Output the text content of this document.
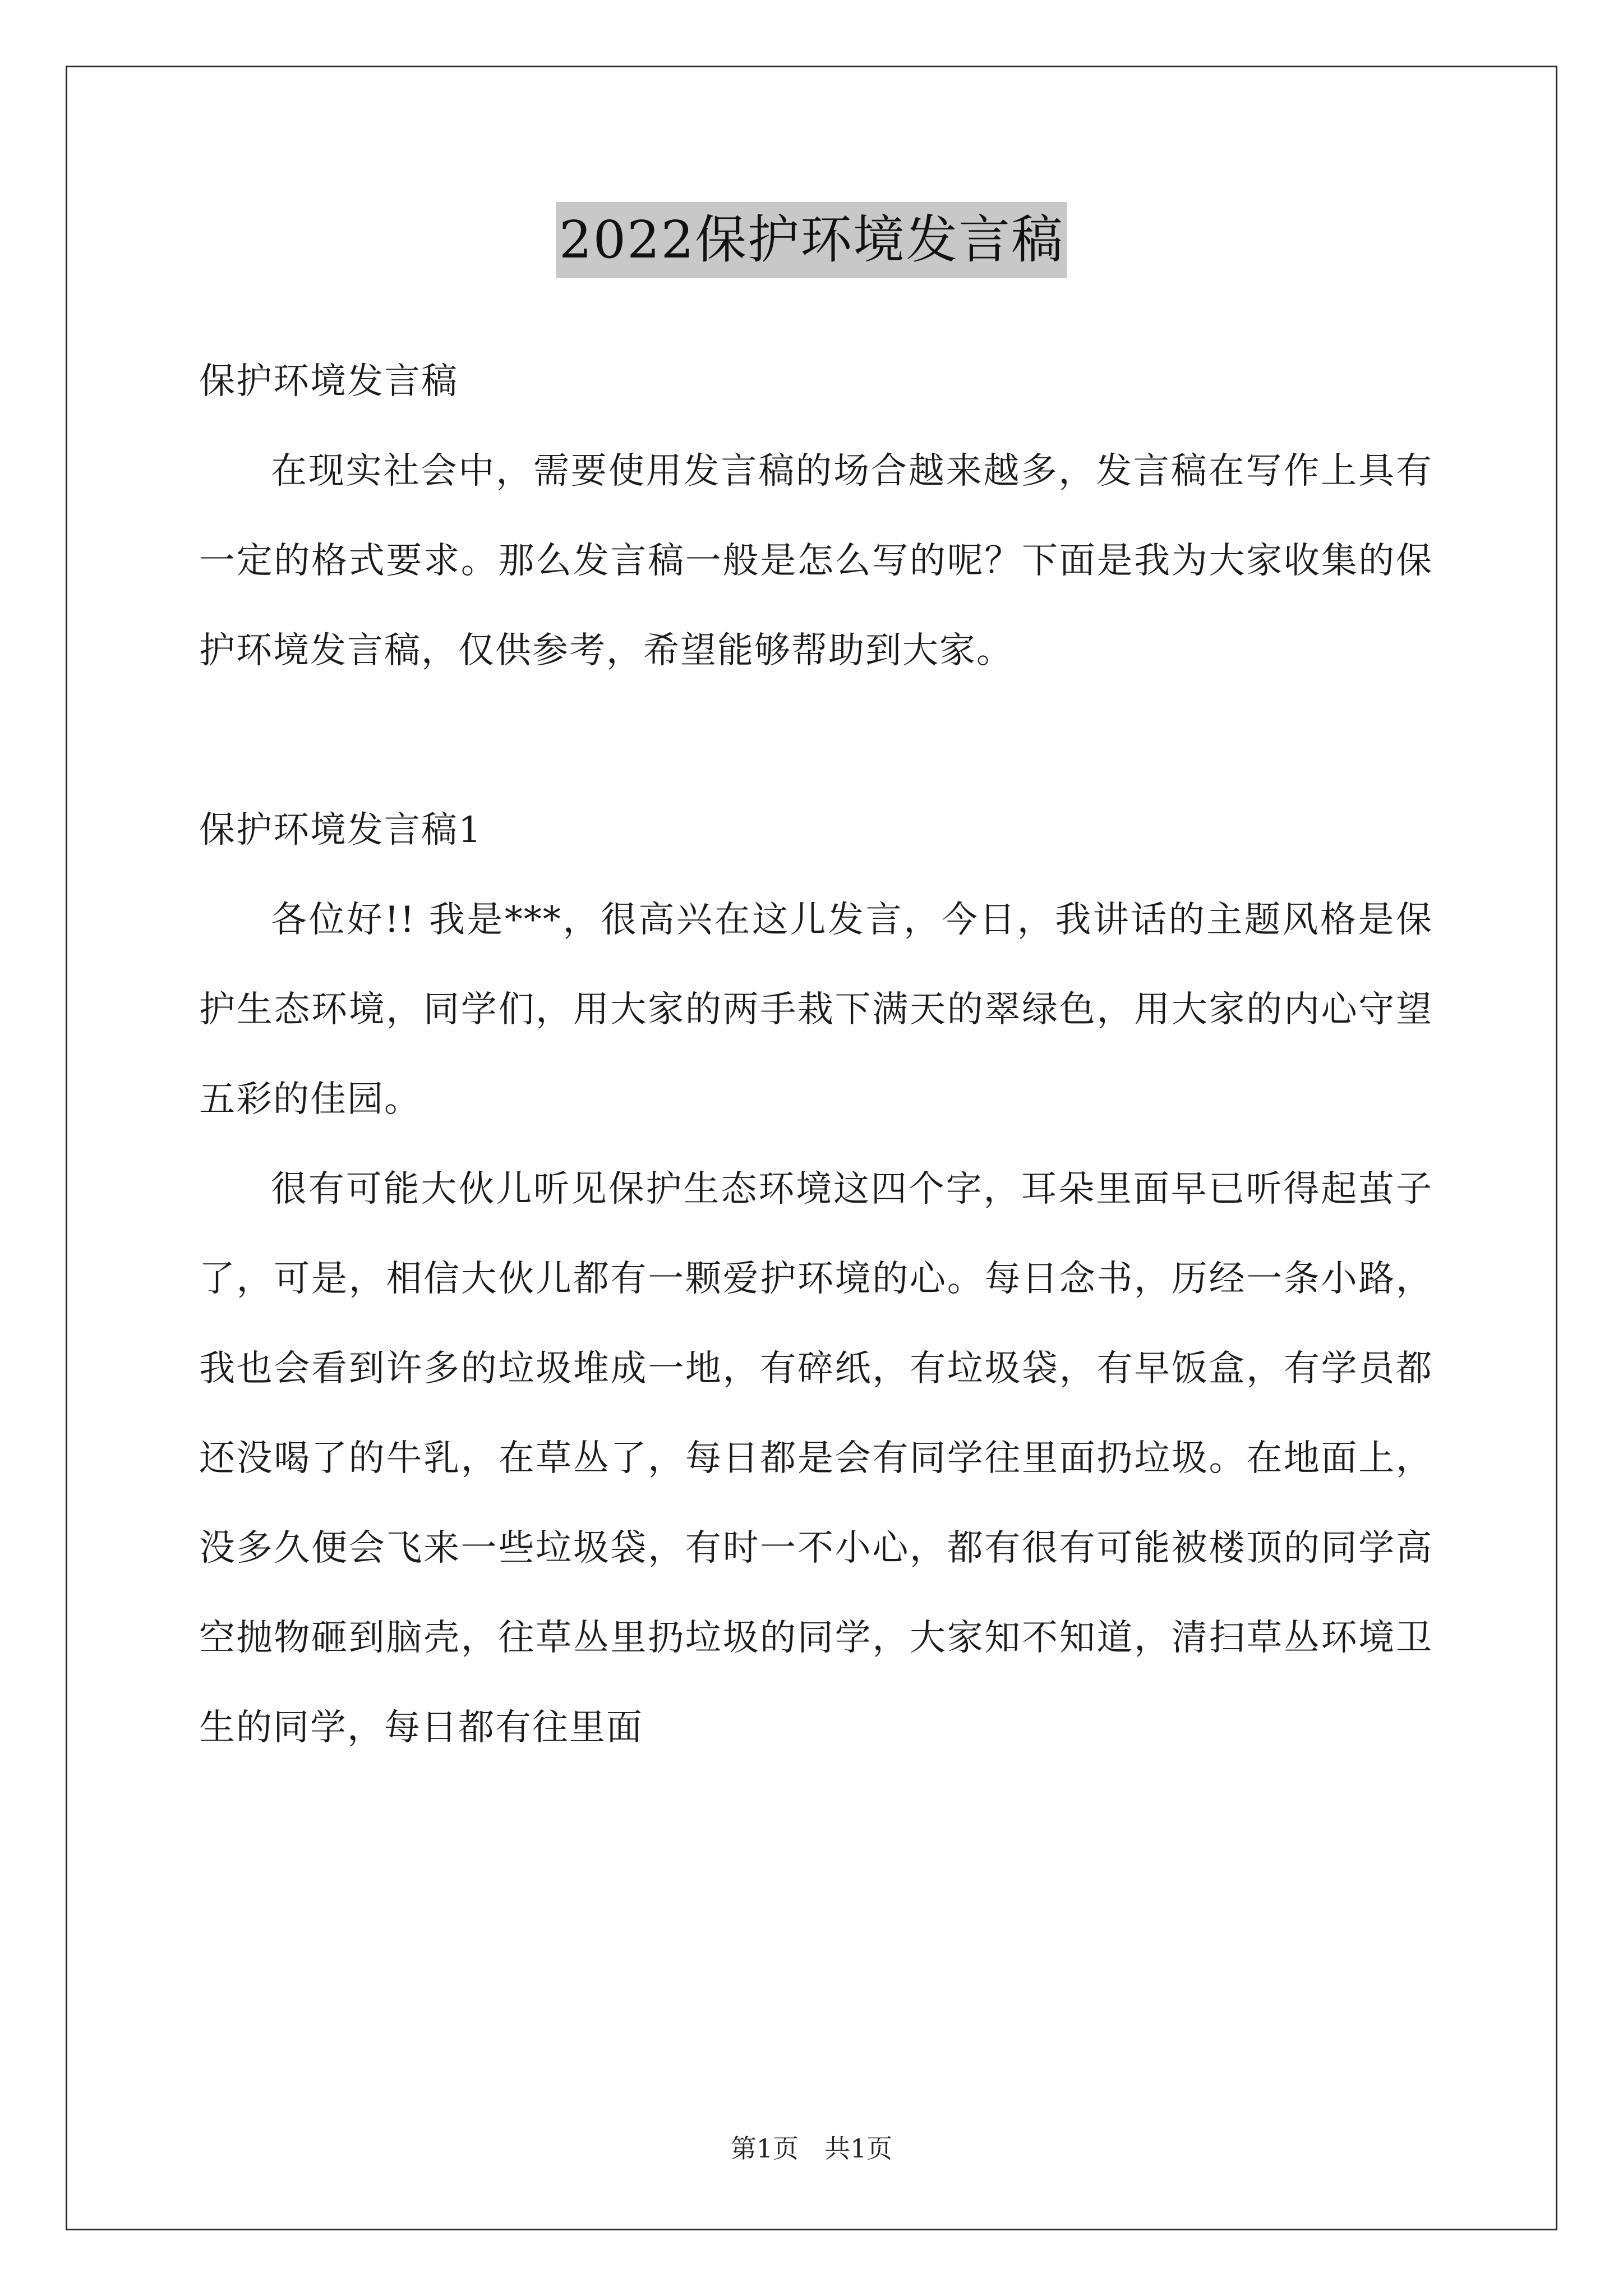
2022保护环境发言稿

保护环境发言稿

在现实社会中，需要使用发言稿的场合越来越多，发言稿在写作上具有一定的格式要求。那么发言稿一般是怎么写的呢？下面是我为大家收集的保护环境发言稿，仅供参考，希望能够帮助到大家。

保护环境发言稿1

各位好!! 我是***，很高兴在这儿发言，今日，我讲话的主题风格是保护生态环境，同学们，用大家的两手栽下满天的翠绿色，用大家的内心守望五彩的佳园。

很有可能大伙儿听见保护生态环境这四个字，耳朵里面早已听得起茧子了，可是，相信大伙儿都有一颗爱护环境的心。每日念书，历经一条小路，我也会看到许多的垃圾堆成一地，有碎纸，有垃圾袋，有早饭盒，有学员都还没喝了的牛乳，在草丛了，每日都是会有同学往里面扔垃圾。在地面上，没多久便会飞来一些垃圾袋，有时一不小心，都有很有可能被楼顶的同学高空抛物砸到脑壳，往草丛里扔垃圾的同学，大家知不知道，清扫草丛环境卫生的同学，每日都有往里面

第1页　共1页
